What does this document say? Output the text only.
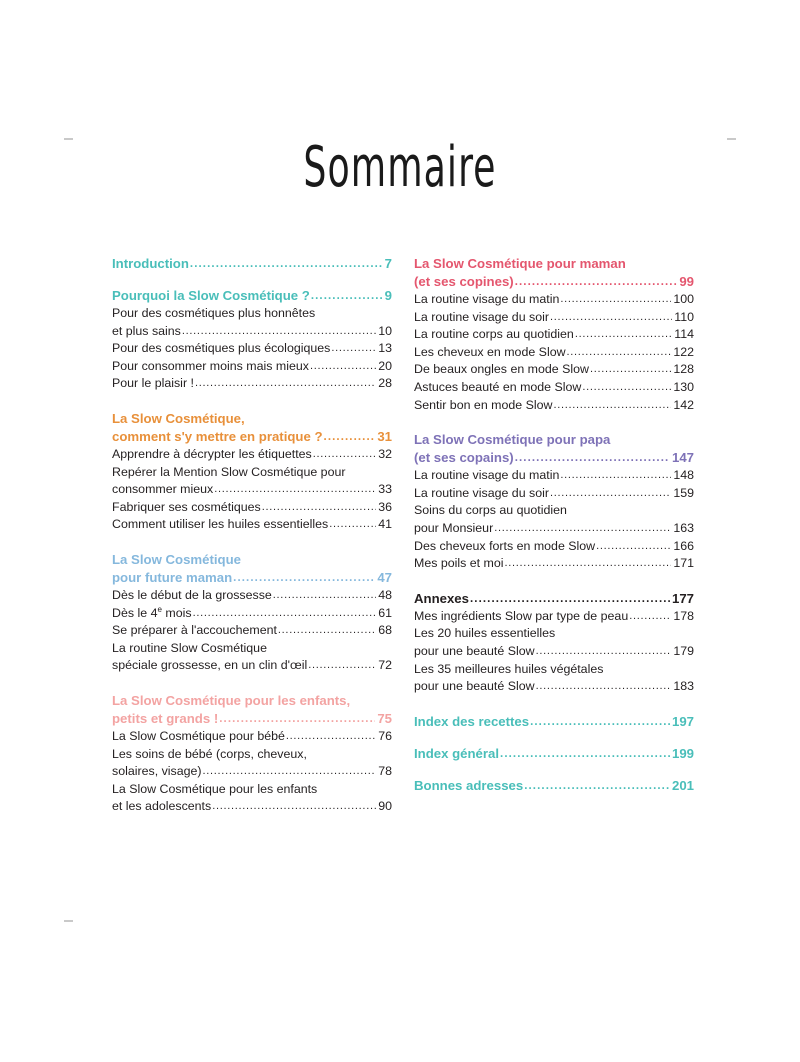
Sommaire
Introduction .....	7
Pourquoi la Slow Cosmétique ? .....	9
Pour des cosmétiques plus honnêtes
et plus sains .....	10
Pour des cosmétiques plus écologiques .....	13
Pour consommer moins mais mieux .....	20
Pour le plaisir ! .....	28
La Slow Cosmétique,
comment s'y mettre en pratique ? .....	31
Apprendre à décrypter les étiquettes .....	32
Repérer la Mention Slow Cosmétique pour
consommer mieux .....	33
Fabriquer ses cosmétiques .....	36
Comment utiliser les huiles essentielles .....	41
La Slow Cosmétique
pour future maman .....	47
Dès le début de la grossesse .....	48
Dès le 4e mois .....	61
Se préparer à l'accouchement .....	68
La routine Slow Cosmétique
spéciale grossesse, en un clin d'œil .....	72
La Slow Cosmétique pour les enfants,
petits et grands ! .....	75
La Slow Cosmétique pour bébé .....	76
Les soins de bébé (corps, cheveux,
solaires, visage) .....	78
La Slow Cosmétique pour les enfants
et les adolescents .....	90
La Slow Cosmétique pour maman
(et ses copines) .....	99
La routine visage du matin .....	100
La routine visage du soir .....	110
La routine corps au quotidien .....	114
Les cheveux en mode Slow .....	122
De beaux ongles en mode Slow .....	128
Astuces beauté en mode Slow .....	130
Sentir bon en mode Slow .....	142
La Slow Cosmétique pour papa
(et ses copains) .....	147
La routine visage du matin .....	148
La routine visage du soir .....	159
Soins du corps au quotidien
pour Monsieur .....	163
Des cheveux forts en mode Slow .....	166
Mes poils et moi .....	171
Annexes .....	177
Mes ingrédients Slow par type de peau .....	178
Les 20 huiles essentielles
pour une beauté Slow .....	179
Les 35 meilleures huiles végétales
pour une beauté Slow .....	183
Index des recettes .....	197
Index général .....	199
Bonnes adresses .....	201
